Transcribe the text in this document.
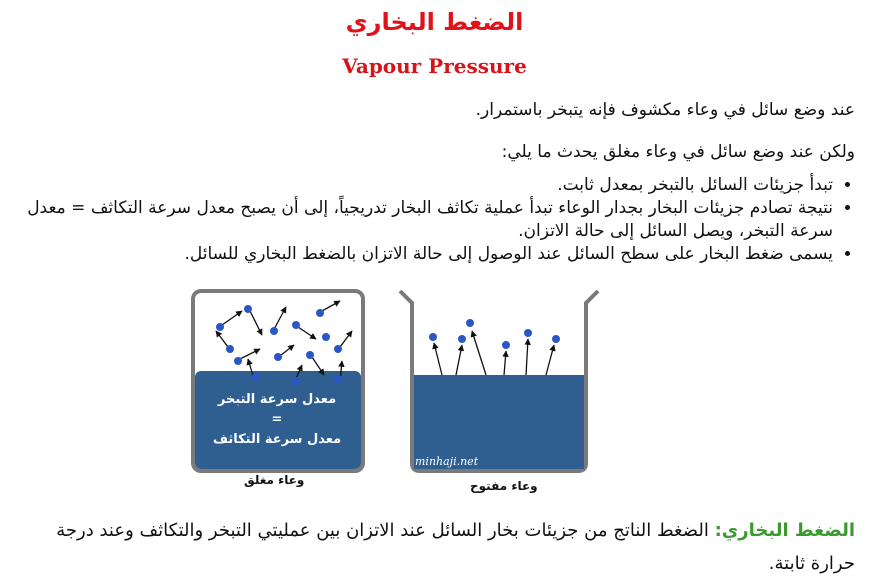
الضغط البخاري
Vapour Pressure
عند وضع سائل في وعاء مكشوف فإنه يتبخر باستمرار.
ولكن عند وضع سائل في وعاء مغلق يحدث ما يلي:
• تبدأ جزيئات السائل بالتبخر بمعدل ثابت.
• نتيجة تصادم جزيئات البخار بجدار الوعاء تبدأ عملية تكاثف البخار تدريجياً، إلى أن يصبح معدل سرعة التكاثف = معدل سرعة التبخر، ويصل السائل إلى حالة الاتزان.
• يسمى ضغط البخار على سطح السائل عند الوصول إلى حالة الاتزان بالضغط البخاري للسائل.
معدل سرعة التبخر
=
معدل سرعة التكاثف
minhaji.net
وعاء مغلق	وعاء مفتوح
الضغط البخاري: الضغط الناتج من جزيئات بخار السائل عند الاتزان بين عمليتي التبخر والتكاثف وعند درجة حرارة ثابتة.
